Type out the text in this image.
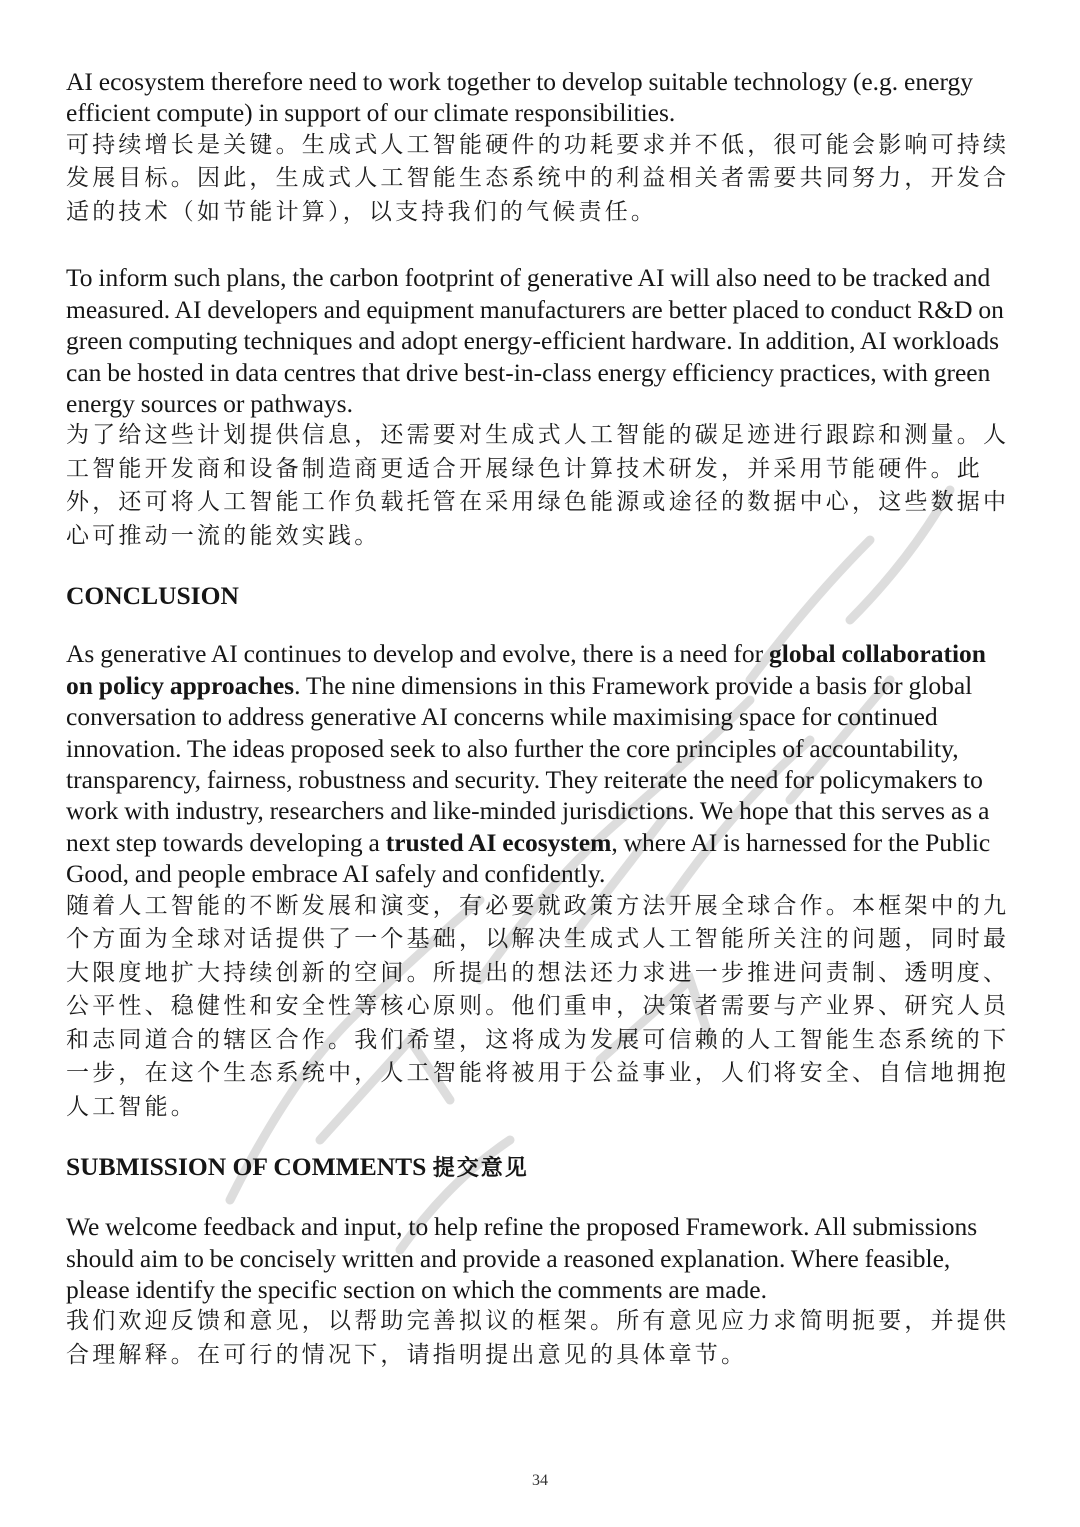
AI ecosystem therefore need to work together to develop suitable technology (e.g. energy efficient compute) in support of our climate responsibilities.

可持续增长是关键。生成式人工智能硬件的功耗要求并不低，很可能会影响可持续发展目标。因此，生成式人工智能生态系统中的利益相关者需要共同努力，开发合适的技术（如节能计算），以支持我们的气候责任。

To inform such plans, the carbon footprint of generative AI will also need to be tracked and measured. AI developers and equipment manufacturers are better placed to conduct R&D on green computing techniques and adopt energy-efficient hardware. In addition, AI workloads can be hosted in data centres that drive best-in-class energy efficiency practices, with green energy sources or pathways.

为了给这些计划提供信息，还需要对生成式人工智能的碳足迹进行跟踪和测量。人工智能开发商和设备制造商更适合开展绿色计算技术研发，并采用节能硬件。此外，还可将人工智能工作负载托管在采用绿色能源或途径的数据中心，这些数据中心可推动一流的能效实践。

CONCLUSION

As generative AI continues to develop and evolve, there is a need for global collaboration on policy approaches. The nine dimensions in this Framework provide a basis for global conversation to address generative AI concerns while maximising space for continued innovation. The ideas proposed seek to also further the core principles of accountability, transparency, fairness, robustness and security. They reiterate the need for policymakers to work with industry, researchers and like-minded jurisdictions. We hope that this serves as a next step towards developing a trusted AI ecosystem, where AI is harnessed for the Public Good, and people embrace AI safely and confidently.

随着人工智能的不断发展和演变，有必要就政策方法开展全球合作。本框架中的九个方面为全球对话提供了一个基础，以解决生成式人工智能所关注的问题，同时最大限度地扩大持续创新的空间。所提出的想法还力求进一步推进问责制、透明度、公平性、稳健性和安全性等核心原则。他们重申，决策者需要与产业界、研究人员和志同道合的辖区合作。我们希望，这将成为发展可信赖的人工智能生态系统的下一步，在这个生态系统中，人工智能将被用于公益事业，人们将安全、自信地拥抱人工智能。

SUBMISSION OF COMMENTS 提交意见

We welcome feedback and input, to help refine the proposed Framework. All submissions should aim to be concisely written and provide a reasoned explanation. Where feasible, please identify the specific section on which the comments are made.

我们欢迎反馈和意见，以帮助完善拟议的框架。所有意见应力求简明扼要，并提供合理解释。在可行的情况下，请指明提出意见的具体章节。

34
